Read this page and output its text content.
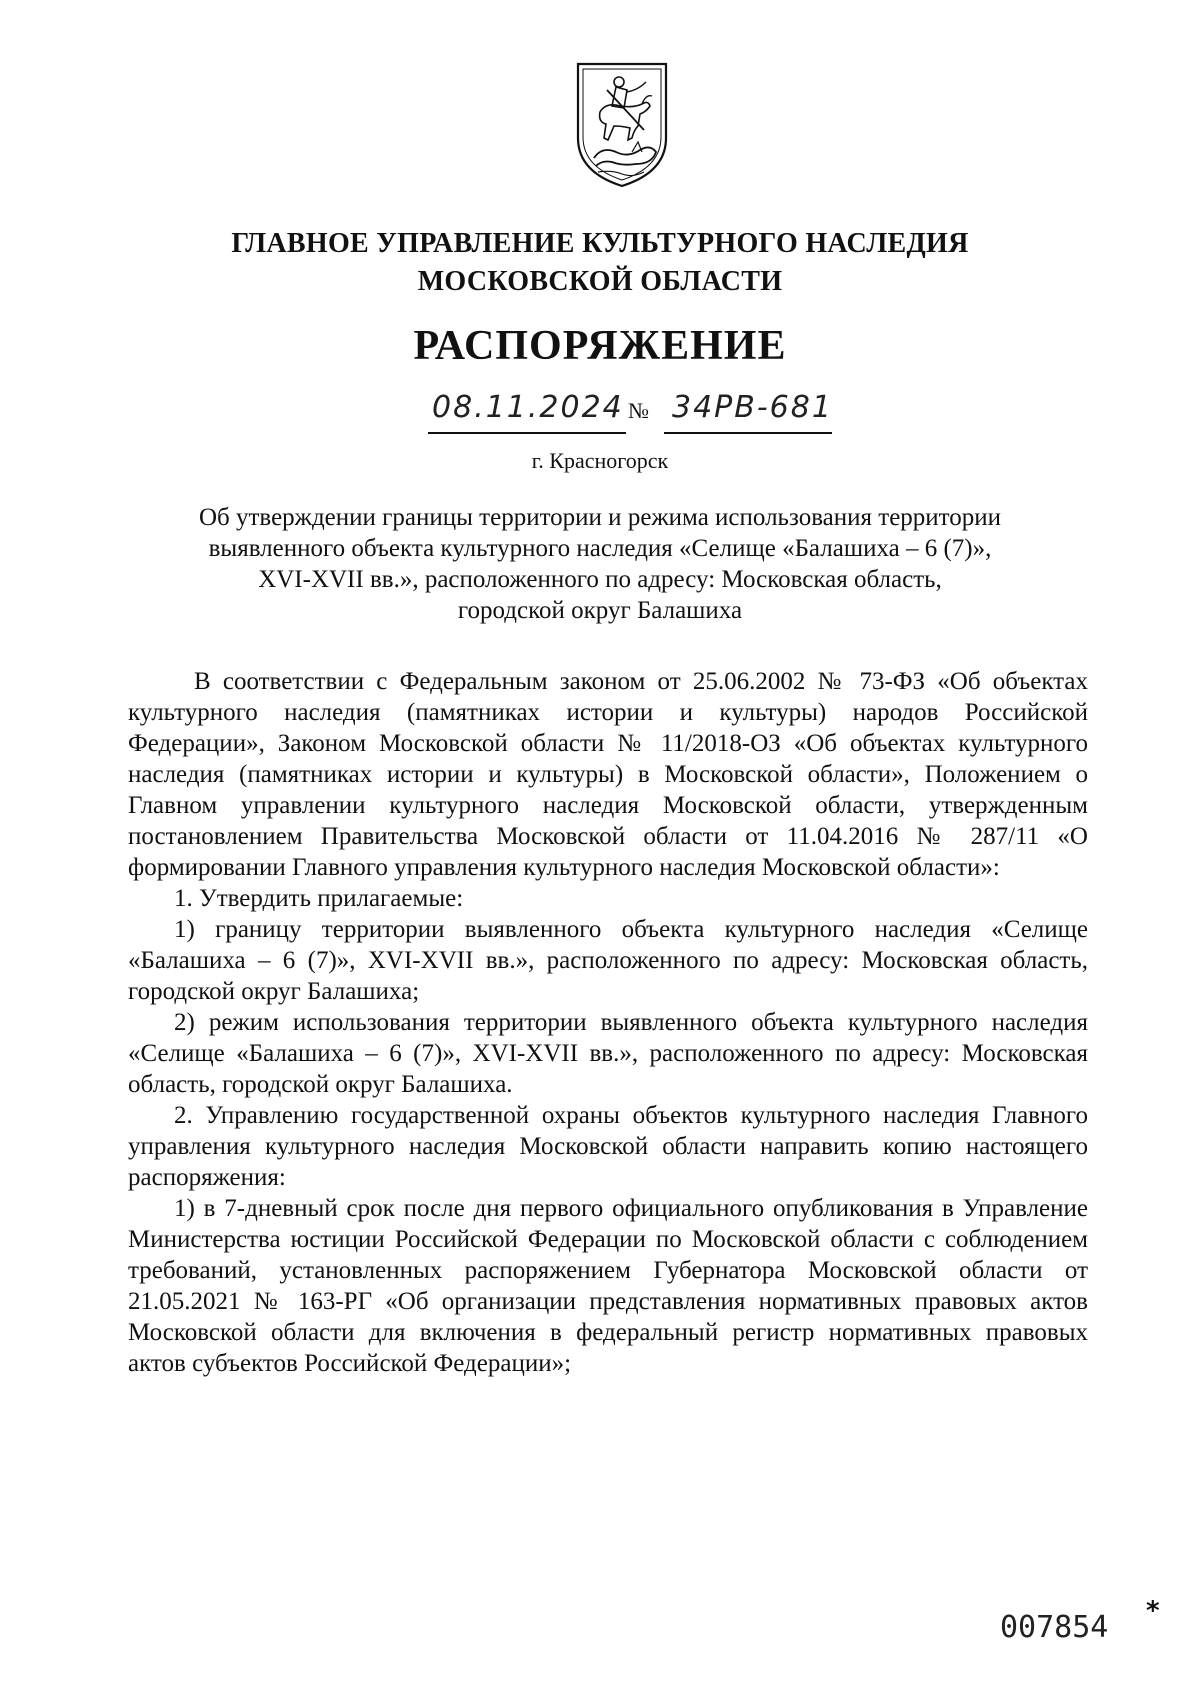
ГЛАВНОЕ УПРАВЛЕНИЕ КУЛЬТУРНОГО НАСЛЕДИЯ
МОСКОВСКОЙ ОБЛАСТИ
РАСПОРЯЖЕНИЕ
08.11.2024 № 34РВ-681
г. Красногорск
Об утверждении границы территории и режима использования территории
выявленного объекта культурного наследия «Селище «Балашиха – 6 (7)»,
XVI-XVII вв.», расположенного по адресу: Московская область,
городской округ Балашиха

В соответствии с Федеральным законом от 25.06.2002 № 73-ФЗ «Об объектах культурного наследия (памятниках истории и культуры) народов Российской Федерации», Законом Московской области № 11/2018-ОЗ «Об объектах культурного наследия (памятниках истории и культуры) в Московской области», Положением о Главном управлении культурного наследия Московской области, утвержденным постановлением Правительства Московской области от 11.04.2016 № 287/11 «О формировании Главного управления культурного наследия Московской области»:

1. Утвердить прилагаемые:

1) границу территории выявленного объекта культурного наследия «Селище «Балашиха – 6 (7)», XVI-XVII вв.», расположенного по адресу: Московская область, городской округ Балашиха;

2) режим использования территории выявленного объекта культурного наследия «Селище «Балашиха – 6 (7)», XVI-XVII вв.», расположенного по адресу: Московская область, городской округ Балашиха.

2. Управлению государственной охраны объектов культурного наследия Главного управления культурного наследия Московской области направить копию настоящего распоряжения:

1) в 7-дневный срок после дня первого официального опубликования в Управление Министерства юстиции Российской Федерации по Московской области с соблюдением требований, установленных распоряжением Губернатора Московской области от 21.05.2021 № 163-РГ «Об организации представления нормативных правовых актов Московской области для включения в федеральный регистр нормативных правовых актов субъектов Российской Федерации»;

007854 *
